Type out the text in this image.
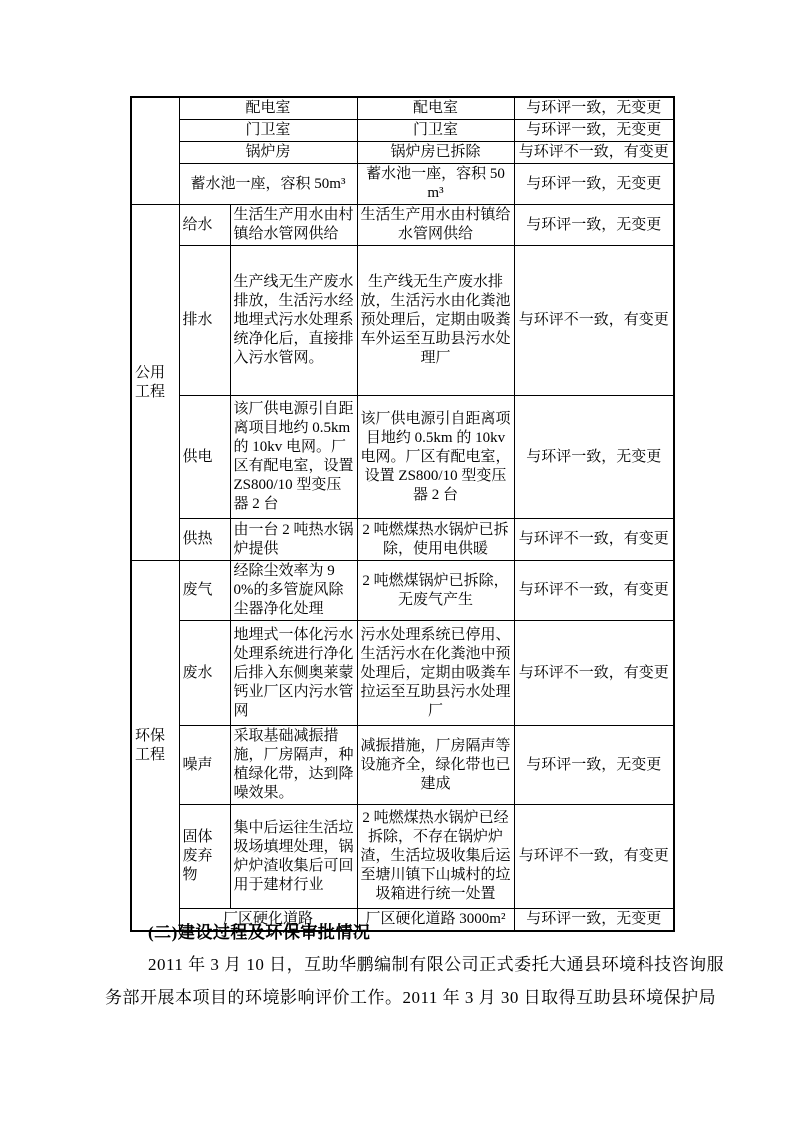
	配电室		配电室	与环评一致，无变更
	门卫室		门卫室	与环评一致，无变更
	锅炉房		锅炉房已拆除	与环评不一致，有变更
	蓄水池一座，容积 50m³		蓄水池一座，容积 50m³	与环评一致，无变更
公用工程	给水	生活生产用水由村镇给水管网供给	生活生产用水由村镇给水管网供给	与环评一致，无变更
	排水	生产线无生产废水排放，生活污水经地埋式污水处理系统净化后，直接排入污水管网。	生产线无生产废水排放，生活污水由化粪池预处理后，定期由吸粪车外运至互助县污水处理厂	与环评不一致，有变更
	供电	该厂供电源引自距离项目地约 0.5km 的 10kv 电网。厂区有配电室，设置 ZS800/10 型变压器 2 台	该厂供电源引自距离项目地约 0.5km 的 10kv 电网。厂区有配电室，设置 ZS800/10 型变压器 2 台	与环评一致，无变更
	供热	由一台 2 吨热水锅炉提供	2 吨燃煤热水锅炉已拆除，使用电供暖	与环评不一致，有变更
环保工程	废气	经除尘效率为 90%的多管旋风除尘器净化处理	2 吨燃煤锅炉已拆除，无废气产生	与环评不一致，有变更
	废水	地埋式一体化污水处理系统进行净化后排入东侧奥莱蒙钙业厂区内污水管网	污水处理系统已停用、生活污水在化粪池中预处理后，定期由吸粪车拉运至互助县污水处理厂	与环评不一致，有变更
	噪声	采取基础减振措施，厂房隔声，种植绿化带，达到降噪效果。	减振措施，厂房隔声等设施齐全，绿化带也已建成	与环评一致，无变更
	固体废弃物	集中后运往生活垃圾场填埋处理，锅炉炉渣收集后可回用于建材行业	2 吨燃煤热水锅炉已经拆除，不存在锅炉炉渣，生活垃圾收集后运至塘川镇下山城村的垃圾箱进行统一处置	与环评不一致，有变更
	厂区硬化道路		厂区硬化道路 3000m²	与环评一致，无变更
(二)建设过程及环保审批情况
2011 年 3 月 10 日，互助华鹏编制有限公司正式委托大通县环境科技咨询服
务部开展本项目的环境影响评价工作。2011 年 3 月 30 日取得互助县环境保护局
